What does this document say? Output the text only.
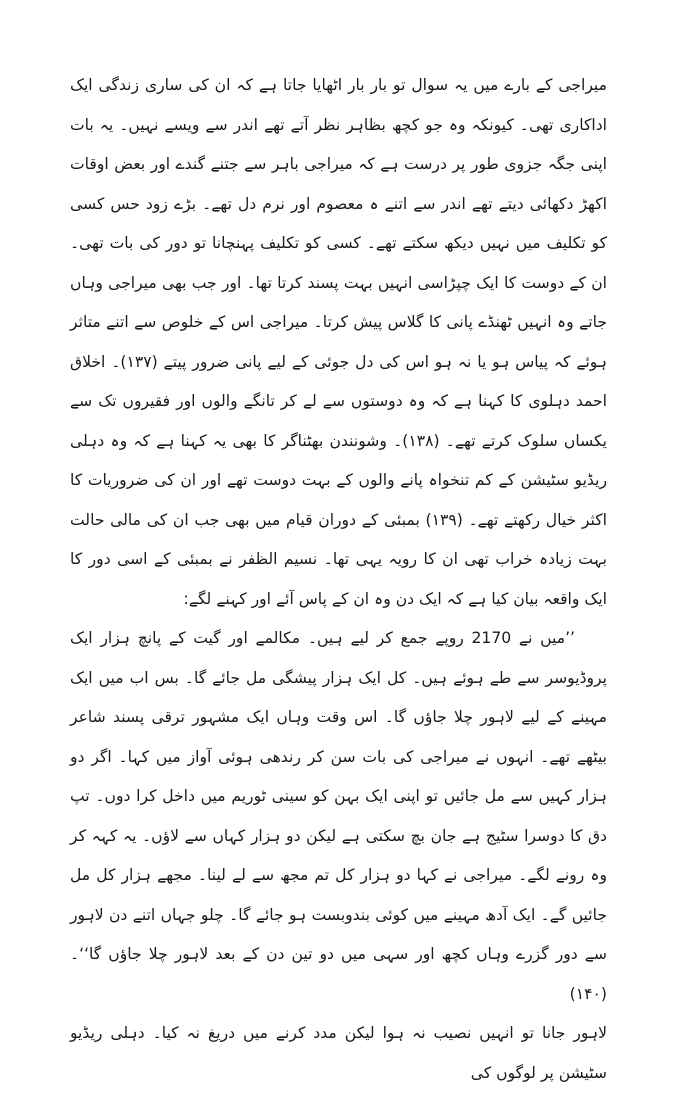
میراجی کے بارے میں یہ سوال تو بار بار اٹھایا جاتا ہے کہ ان کی ساری زندگی ایک اداکاری تھی۔ کیونکہ وہ جو کچھ بظاہر نظر آتے تھے اندر سے ویسے نہیں۔ یہ بات اپنی جگہ جزوی طور پر درست ہے کہ میراجی باہر سے جتنے گندے اور بعض اوقات اکھڑ دکھائی دیتے تھے اندر سے اتنے ہ معصوم اور نرم دل تھے۔ بڑے زود حس کسی کو تکلیف میں نہیں دیکھ سکتے تھے۔ کسی کو تکلیف پہنچانا تو دور کی بات تھی۔ ان کے دوست کا ایک چپڑاسی انہیں بہت پسند کرتا تھا۔ اور جب بھی میراجی وہاں جاتے وہ انہیں ٹھنڈے پانی کا گلاس پیش کرتا۔ میراجی اس کے خلوص سے اتنے متاثر ہوئے کہ پیاس ہو یا نہ ہو اس کی دل جوئی کے لیے پانی ضرور پیتے (۱۳۷)۔ اخلاق احمد دہلوی کا کہنا ہے کہ وہ دوستوں سے لے کر تانگے والوں اور فقیروں تک سے یکساں سلوک کرتے تھے۔ (۱۳۸)۔ وشونندن بھٹناگر کا بھی یہ کہنا ہے کہ وہ دہلی ریڈیو سٹیشن کے کم تنخواہ پانے والوں کے بہت دوست تھے اور ان کی ضروریات کا اکثر خیال رکھتے تھے۔ (۱۳۹) بمبئی کے دوران قیام میں بھی جب ان کی مالی حالت بہت زیادہ خراب تھی ان کا رویہ یہی تھا۔ نسیم الظفر نے بمبئی کے اسی دور کا ایک واقعہ بیان کیا ہے کہ ایک دن وہ ان کے پاس آئے اور کہنے لگے:

’’میں نے 2170 روپے جمع کر لیے ہیں۔ مکالمے اور گیت کے پانچ ہزار ایک پروڈیوسر سے طے ہوئے ہیں۔ کل ایک ہزار پیشگی مل جائے گا۔ بس اب میں ایک مہینے کے لیے لاہور چلا جاؤں گا۔ اس وقت وہاں ایک مشہور ترقی پسند شاعر بیٹھے تھے۔ انہوں نے میراجی کی بات سن کر رندھی ہوئی آواز میں کہا۔ اگر دو ہزار کہیں سے مل جائیں تو اپنی ایک بہن کو سینی ٹوریم میں داخل کرا دوں۔ تپ دق کا دوسرا سٹیج ہے جان بچ سکتی ہے لیکن دو ہزار کہاں سے لاؤں۔ یہ کہہ کر وہ رونے لگے۔ میراجی نے کہا دو ہزار کل تم مجھ سے لے لینا۔ مجھے ہزار کل مل جائیں گے۔ ایک آدھ مہینے میں کوئی بندوبست ہو جائے گا۔ چلو جہاں اتنے دن لاہور سے دور گزرے وہاں کچھ اور سہی میں دو تین دن کے بعد لاہور چلا جاؤں گا‘‘۔ (۱۴۰)

لاہور جانا تو انہیں نصیب نہ ہوا لیکن مدد کرنے میں دریغ نہ کیا۔ دہلی ریڈیو سٹیشن پر لوگوں کی
